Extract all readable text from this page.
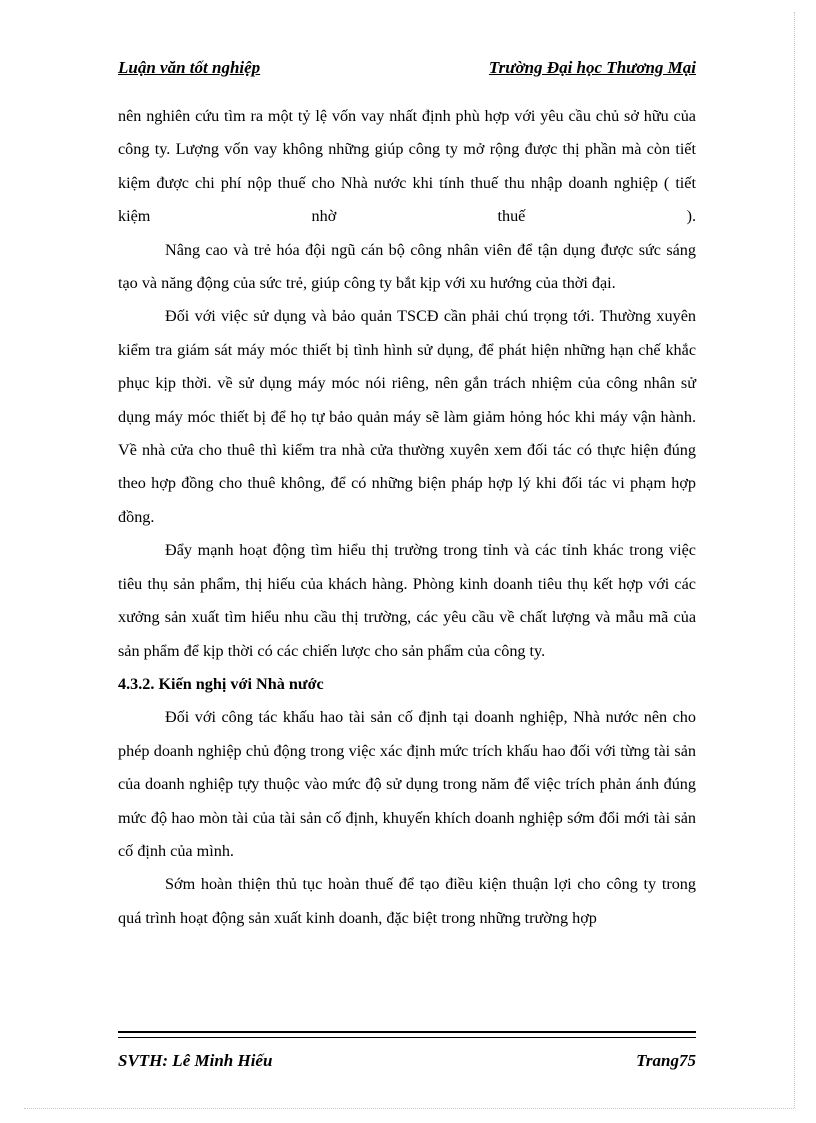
Luận văn tốt nghiệp	Trường Đại học Thương Mại

nên nghiên cứu tìm ra một tỷ lệ vốn vay nhất định phù hợp với yêu cầu chủ sở hữu của công ty. Lượng vốn vay không những giúp công ty mở rộng được thị phần mà còn tiết kiệm được chi phí nộp thuế cho Nhà nước khi tính thuế thu nhập doanh nghiệp ( tiết kiệm nhờ thuế ).

Nâng cao và trẻ hóa đội ngũ cán bộ công nhân viên để tận dụng được sức sáng tạo và năng động của sức trẻ, giúp công ty bắt kịp với xu hướng của thời đại.

Đối với việc sử dụng và bảo quản TSCĐ cần phải chú trọng tới. Thường xuyên kiểm tra giám sát máy móc thiết bị tình hình sử dụng, để phát hiện những hạn chế khắc phục kịp thời. về sử dụng máy móc nói riêng, nên gắn trách nhiệm của công nhân sử dụng máy móc thiết bị để họ tự bảo quản máy sẽ làm giảm hỏng hóc khi máy vận hành. Về nhà cửa cho thuê thì kiểm tra nhà cửa thường xuyên xem đối tác có thực hiện đúng theo hợp đồng cho thuê không, để có những biện pháp hợp lý khi đối tác vi phạm hợp đồng.

Đẩy mạnh hoạt động tìm hiểu thị trường trong tỉnh và các tỉnh khác trong việc tiêu thụ sản phẩm, thị hiếu của khách hàng. Phòng kinh doanh tiêu thụ kết hợp với các xưởng sản xuất tìm hiểu nhu cầu thị trường, các yêu cầu về chất lượng và mẫu mã của sản phẩm để kịp thời có các chiến lược cho sản phẩm của công ty.

4.3.2. Kiến nghị với Nhà nước

Đối với công tác khấu hao tài sản cố định tại doanh nghiệp, Nhà nước nên cho phép doanh nghiệp chủ động trong việc xác định mức trích khấu hao đối với từng tài sản của doanh nghiệp tựy thuộc vào mức độ sử dụng trong năm để việc trích phản ánh đúng mức độ hao mòn tài của tài sản cố định, khuyến khích doanh nghiệp sớm đổi mới tài sản cố định của mình.

Sớm hoàn thiện thủ tục hoàn thuế để tạo điều kiện thuận lợi cho công ty trong quá trình hoạt động sản xuất kinh doanh, đặc biệt trong những trường hợp

SVTH: Lê Minh Hiếu	Trang75
